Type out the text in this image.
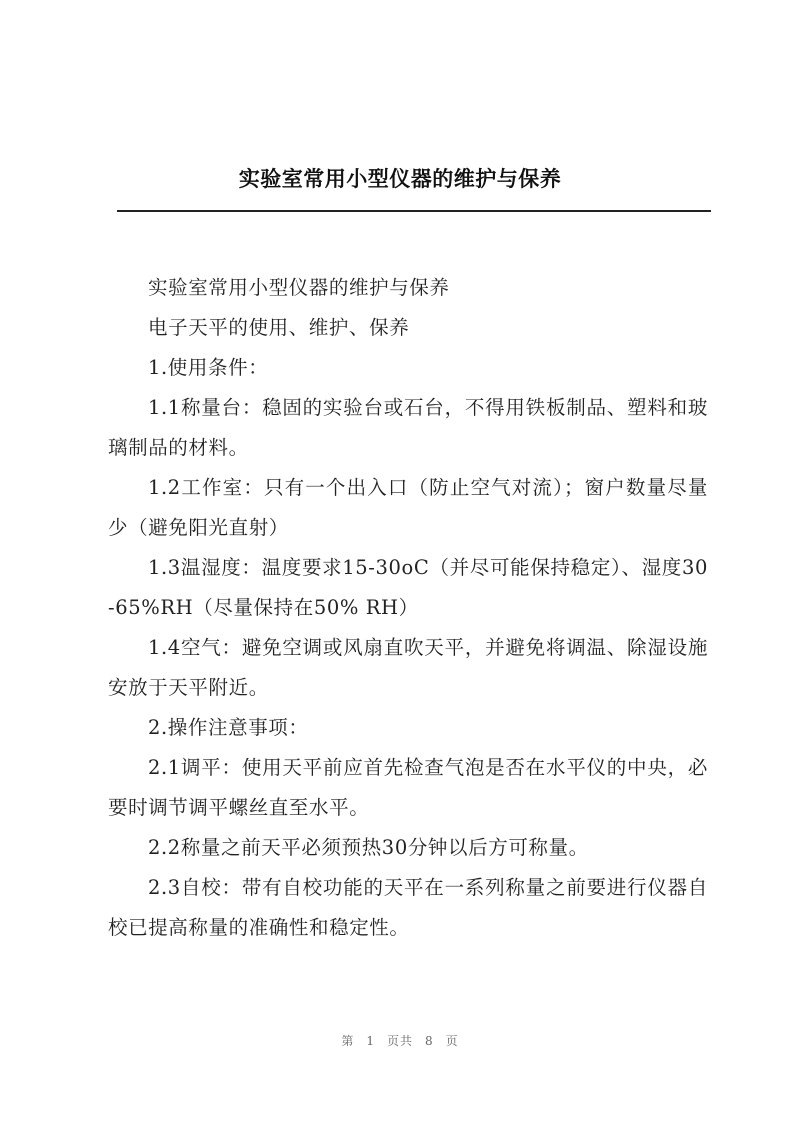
实验室常用小型仪器的维护与保养

实验室常用小型仪器的维护与保养

电子天平的使用、维护、保养

1.使用条件：

1.1称量台：稳固的实验台或石台，不得用铁板制品、塑料和玻璃制品的材料。

1.2工作室：只有一个出入口（防止空气对流）；窗户数量尽量少（避免阳光直射）

1.3温湿度：温度要求15-30oC（并尽可能保持稳定）、湿度30-65%RH（尽量保持在50% RH）

1.4空气：避免空调或风扇直吹天平，并避免将调温、除湿设施安放于天平附近。

2.操作注意事项：

2.1调平：使用天平前应首先检查气泡是否在水平仪的中央，必要时调节调平螺丝直至水平。

2.2称量之前天平必须预热30分钟以后方可称量。

2.3自校：带有自校功能的天平在一系列称量之前要进行仪器自校已提高称量的准确性和稳定性。

第 1 页共 8 页
